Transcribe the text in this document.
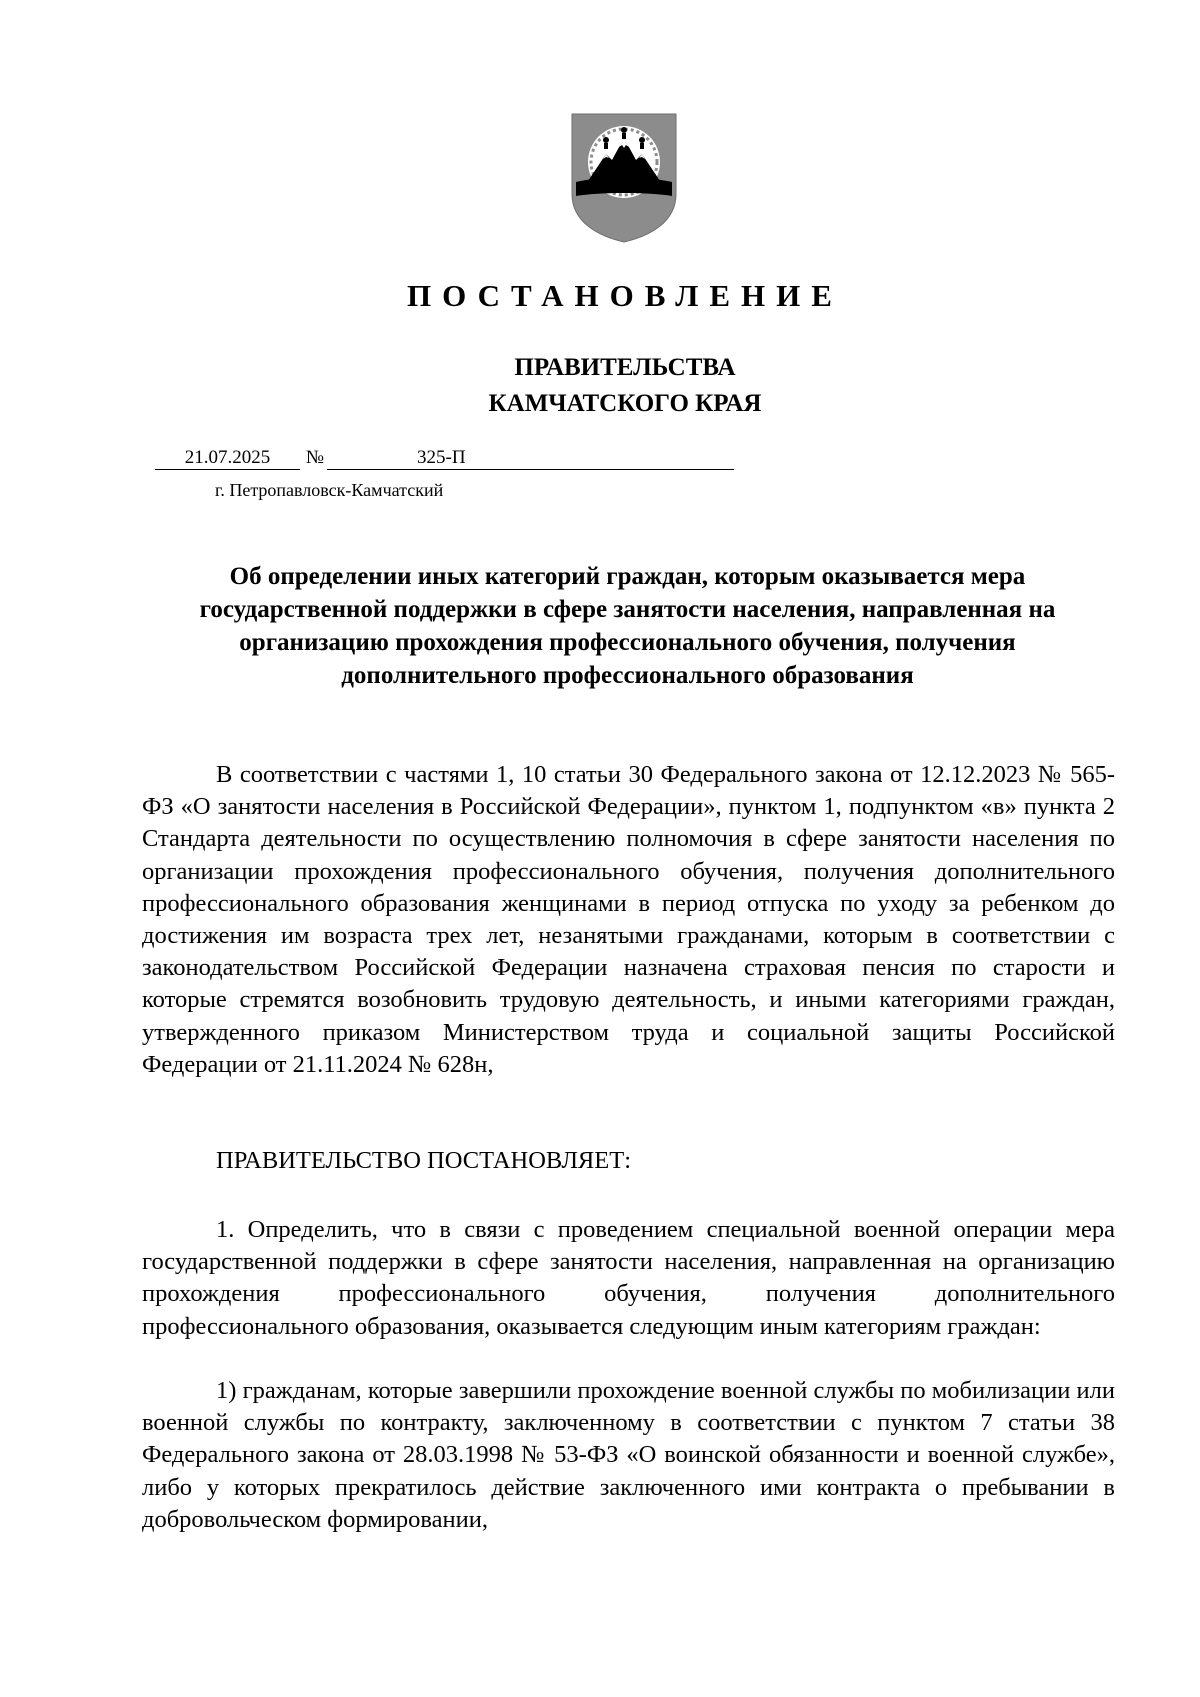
ПОСТАНОВЛЕНИЕ
ПРАВИТЕЛЬСТВА
КАМЧАТСКОГО КРАЯ
21.07.2025	№	325-П

г. Петропавловск-Камчатский
Об определении иных категорий граждан, которым оказывается мера государственной поддержки в сфере занятости населения, направленная на организацию прохождения профессионального обучения, получения дополнительного профессионального образования
В соответствии с частями 1, 10 статьи 30 Федерального закона от 12.12.2023 № 565-ФЗ «О занятости населения в Российской Федерации», пунктом 1, подпунктом «в» пункта 2 Стандарта деятельности по осуществлению полномочия в сфере занятости населения по организации прохождения профессионального обучения, получения дополнительного профессионального образования женщинами в период отпуска по уходу за ребенком до достижения им возраста трех лет, незанятыми гражданами, которым в соответствии с законодательством Российской Федерации назначена страховая пенсия по старости и которые стремятся возобновить трудовую деятельность, и иными категориями граждан, утвержденного приказом Министерством труда и социальной защиты Российской Федерации от 21.11.2024 № 628н,
ПРАВИТЕЛЬСТВО ПОСТАНОВЛЯЕТ:
1. Определить, что в связи с проведением специальной военной операции мера государственной поддержки в сфере занятости населения, направленная на организацию прохождения профессионального обучения, получения дополнительного профессионального образования, оказывается следующим иным категориям граждан:
1) гражданам, которые завершили прохождение военной службы по мобилизации или военной службы по контракту, заключенному в соответствии с пунктом 7 статьи 38 Федерального закона от 28.03.1998 № 53-ФЗ «О воинской обязанности и военной службе», либо у которых прекратилось действие заключенного ими контракта о пребывании в добровольческом формировании,
